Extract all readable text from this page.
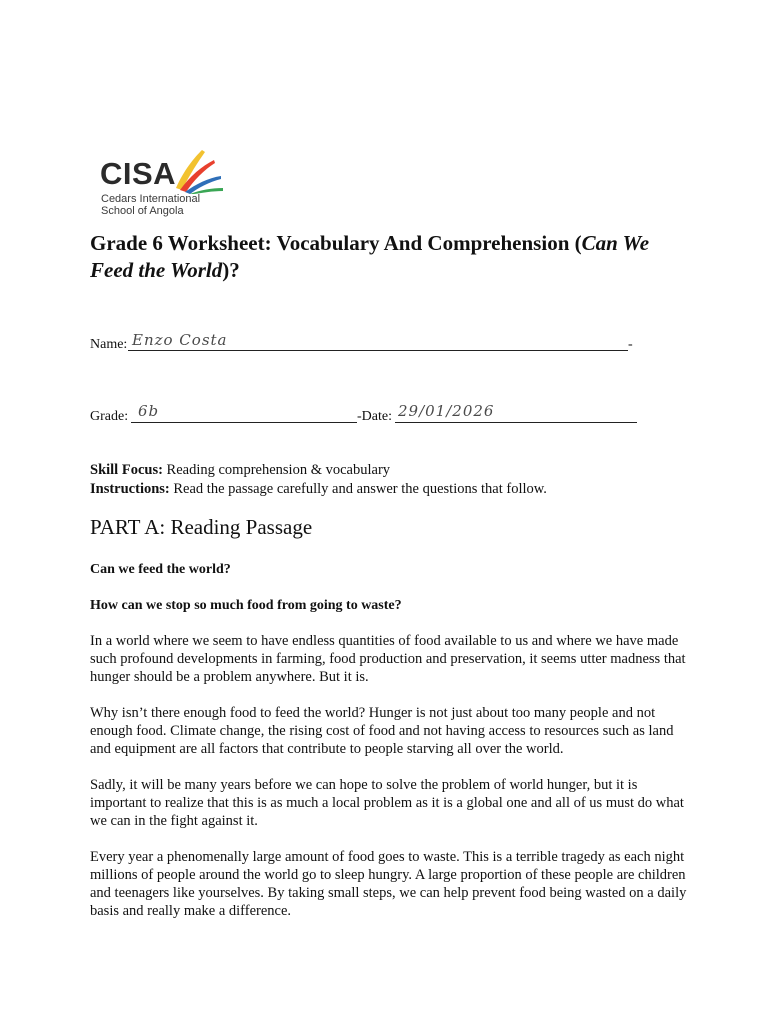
CISA
Cedars International
School of Angola
Grade 6 Worksheet: Vocabulary And Comprehension (Can We Feed the World)?
Name: Enzo Costa	-
Grade: 6b	-Date: 29/01/2026
Skill Focus: Reading comprehension & vocabulary
Instructions: Read the passage carefully and answer the questions that follow.
PART A: Reading Passage
Can we feed the world?
How can we stop so much food from going to waste?
In a world where we seem to have endless quantities of food available to us and where we have made such profound developments in farming, food production and preservation, it seems utter madness that hunger should be a problem anywhere. But it is.
Why isn’t there enough food to feed the world? Hunger is not just about too many people and not enough food. Climate change, the rising cost of food and not having access to resources such as land and equipment are all factors that contribute to people starving all over the world.
Sadly, it will be many years before we can hope to solve the problem of world hunger, but it is important to realize that this is as much a local problem as it is a global one and all of us must do what we can in the fight against it.
Every year a phenomenally large amount of food goes to waste. This is a terrible tragedy as each night millions of people around the world go to sleep hungry. A large proportion of these people are children and teenagers like yourselves. By taking small steps, we can help prevent food being wasted on a daily basis and really make a difference.
